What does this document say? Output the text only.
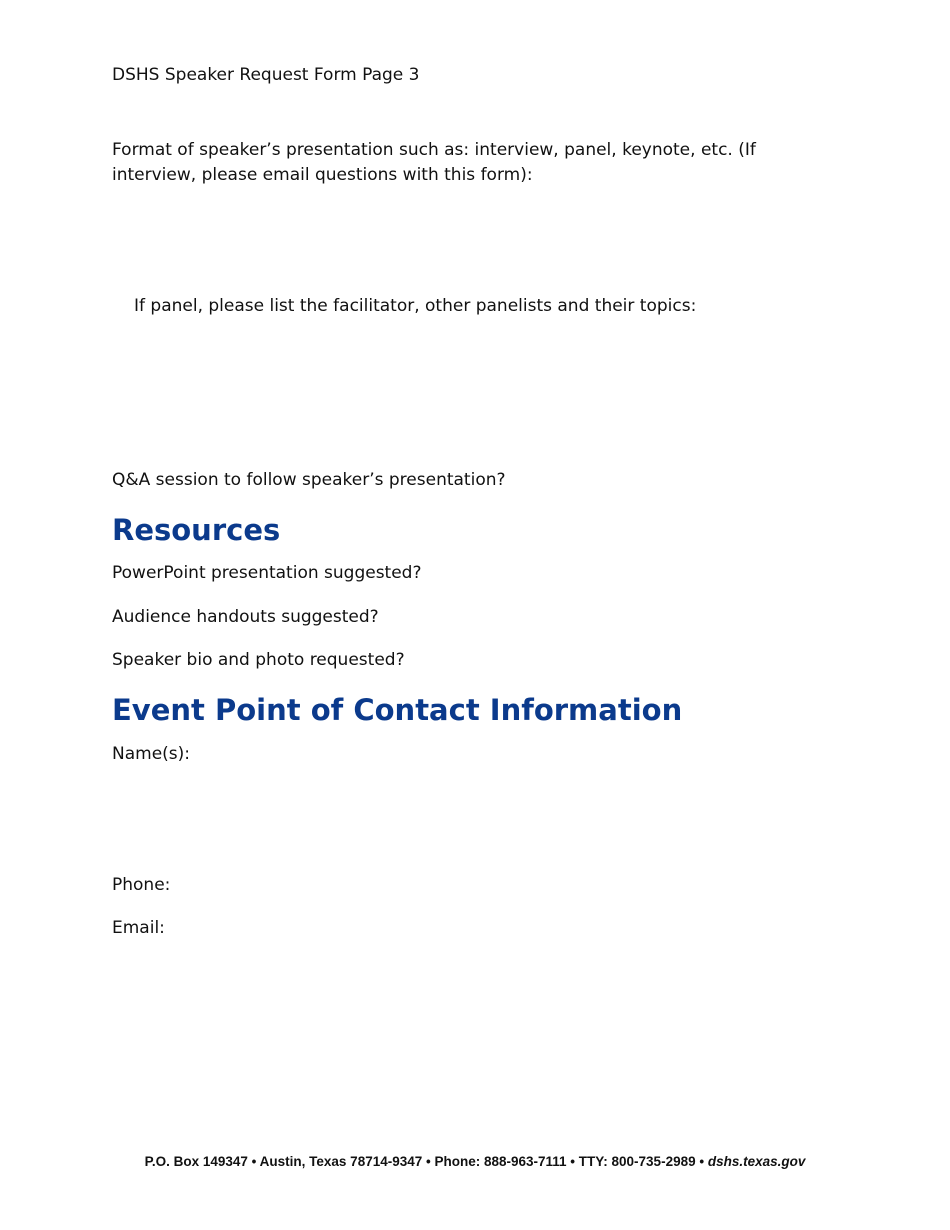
DSHS Speaker Request Form Page 3

Format of speaker’s presentation such as: interview, panel, keynote, etc. (If

interview, please email questions with this form):

If panel, please list the facilitator, other panelists and their topics:

Q&A session to follow speaker’s presentation?

Resources

PowerPoint presentation suggested?

Audience handouts suggested?

Speaker bio and photo requested?

Event Point of Contact Information

Name(s):

Phone:

Email:

P.O. Box 149347 • Austin, Texas 78714-9347 • Phone: 888-963-7111 • TTY: 800-735-2989 • dshs.texas.gov
